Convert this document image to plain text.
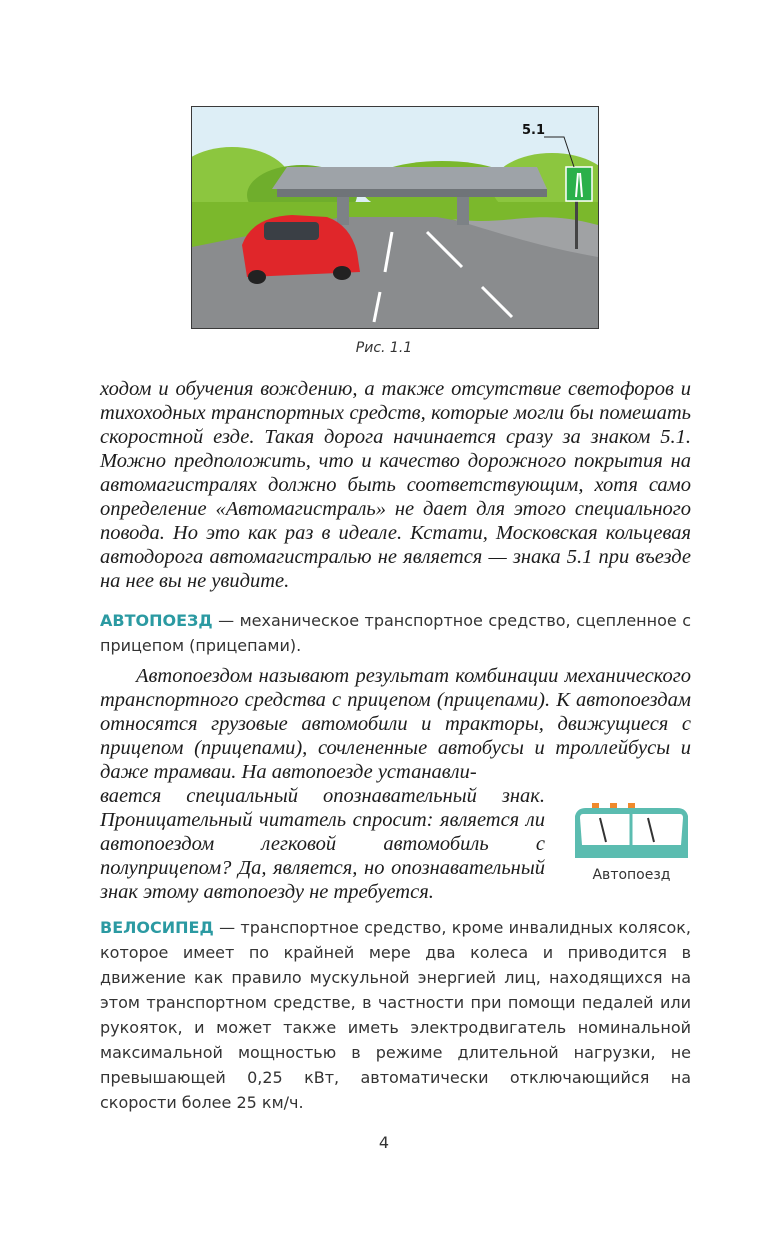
5.1
Рис. 1.1

ходом и обучения вождению, а также отсутствие светофоров и тихоходных транспортных средств, которые могли бы помешать скоростной езде. Такая дорога начинается сразу за знаком 5.1. Можно предположить, что и качество дорожного покрытия на автомагистралях должно быть соответствующим, хотя само определение «Автомагистраль» не дает для этого специального повода. Но это как раз в идеале. Кстати, Московская кольцевая автодорога автомагистралью не является — знака 5.1 при въезде на нее вы не увидите.

АВТОПОЕЗД — механическое транспортное средство, сцепленное с прицепом (прицепами).

Автопоездом называют результат комбинации механического транспортного средства с прицепом (прицепами). К автопоездам относятся грузовые автомобили и тракторы, движущиеся с прицепом (прицепами), сочлененные автобусы и троллейбусы и даже трамваи. На автопоезде устанавли-

вается специальный опознавательный знак. Проницательный читатель спросит: является ли автопоездом легковой автомобиль с полуприцепом? Да, является, но опознавательный знак этому автопоезду не требуется.

Автопоезд

ВЕЛОСИПЕД — транспортное средство, кроме инвалидных колясок, которое имеет по крайней мере два колеса и приводится в движение как правило мускульной энергией лиц, находящихся на этом транспортном средстве, в частности при помощи педалей или рукояток, и может также иметь электродвигатель номинальной максимальной мощностью в режиме длительной нагрузки, не превышающей 0,25 кВт, автоматически отключающийся на скорости более 25 км/ч.

4
